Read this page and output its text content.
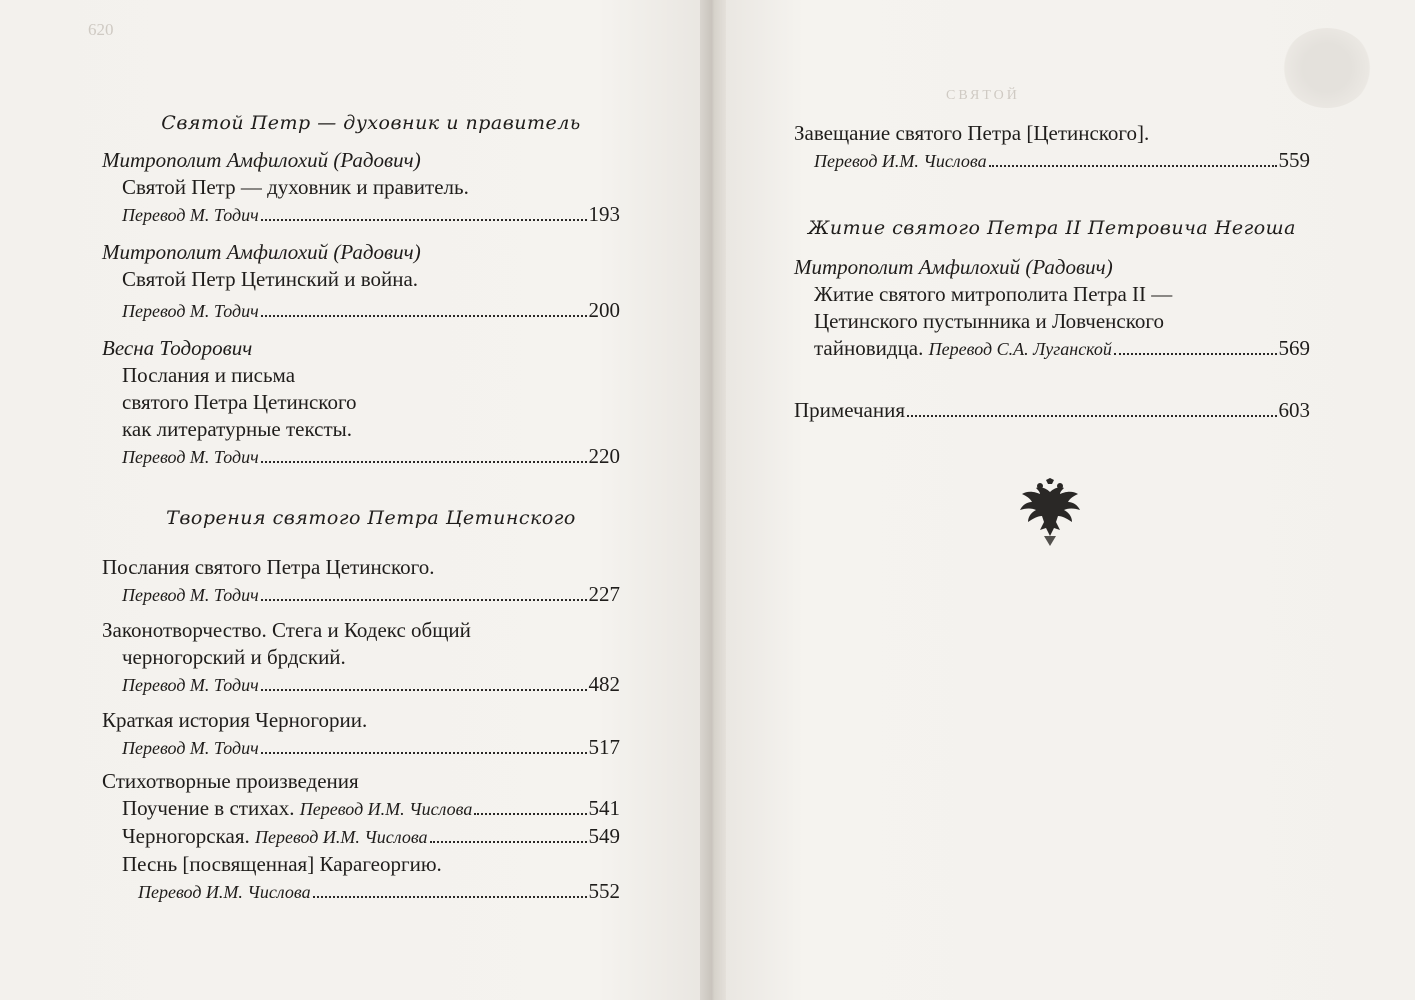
620
СВЯТОЙ

Святой Петр — духовник и правитель

Митрополит Амфилохий (Радович)
Святой Петр — духовник и правитель.
Перевод М. Тодич	193
Митрополит Амфилохий (Радович)
Святой Петр Цетинский и война.
Перевод М. Тодич	200
Весна Тодорович
Послания и письма
святого Петра Цетинского
как литературные тексты.
Перевод М. Тодич	220

Творения святого Петра Цетинского

Послания святого Петра Цетинского.
Перевод М. Тодич	227
Законотворчество. Стега и Кодекс общий
черногорский и брдский.
Перевод М. Тодич	482
Краткая история Черногории.
Перевод М. Тодич	517
Стихотворные произведения
Поучение в стихах.
Перевод И.М. Числова	541
Черногорская.
Перевод И.М. Числова	549
Песнь [посвященная] Карагеоргию.
Перевод И.М. Числова	552
Завещание святого Петра [Цетинского].
Перевод И.М. Числова	559

Житие святого Петра II Петровича Негоша

Митрополит Амфилохий (Радович)
Житие святого митрополита Петра II —
Цетинского пустынника и Ловченского
тайновидца.
Перевод С.А. Луганской	569
Примечания	603
